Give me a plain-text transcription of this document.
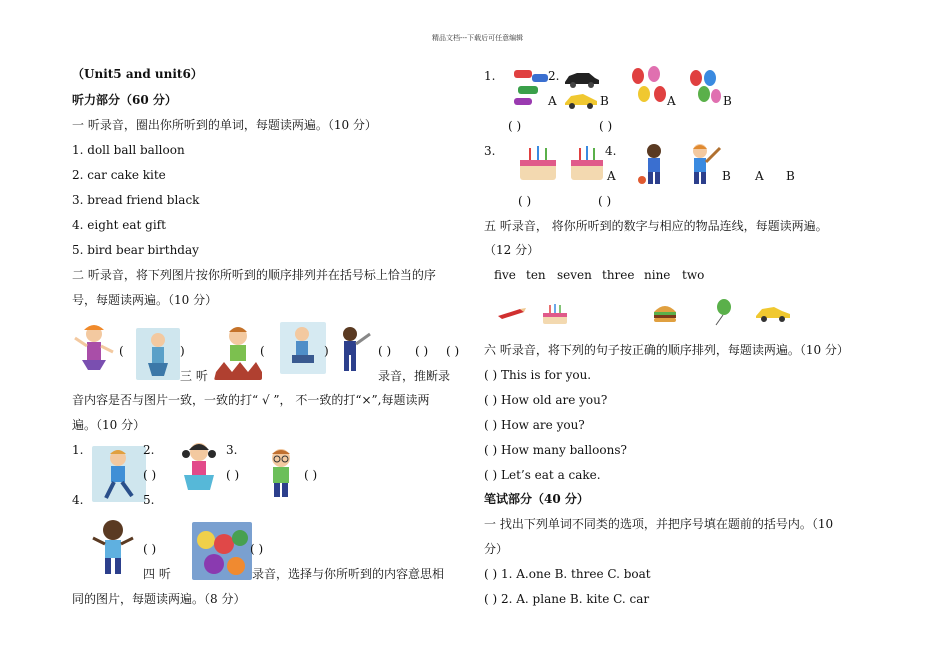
精品文档---下载后可任意编辑
（Unit5 and unit6）
听力部分（60 分）
一 听录音，圈出你所听到的单词，每题读两遍。（10 分）
1. doll ball balloon
2. car cake kite
3. bread friend black
4. eight eat gift
5. bird bear birthday
二 听录音，将下列图片按你所听到的顺序排列并在括号标上恰当的序
号，每题读两遍。（10 分）
(	)	(	)	( ) ( ) ( )
三 听	录音，推断录
音内容是否与图片一致，一致的打“ √ ”， 不一致的打“×”,每题读两
遍。（10 分）
1.	2.
( )
3.
( )	( )
4.	5.
( )	( )
四 听	录音，选择与你所听到的内容意思相
同的图片，每题读两遍。（8 分）
1.	2.
A	B	A	B
( )	( )
3.	4.
A	B A B
( )	( )
五 听录音， 将你所听到的数字与相应的物品连线，每题读两遍。
（12 分）
five ten seven three nine two
六 听录音，将下列的句子按正确的顺序排列，每题读两遍。（10 分）
( ) This is for you.
( ) How old are you?
( ) How are you?
( ) How many balloons?
( ) Let’s eat a cake.
笔试部分（40 分）
一 找出下列单词不同类的选项，并把序号填在题前的括号内。（10
分）
( ) 1. A.one B. three C. boat
( ) 2. A. plane B. kite C. car
